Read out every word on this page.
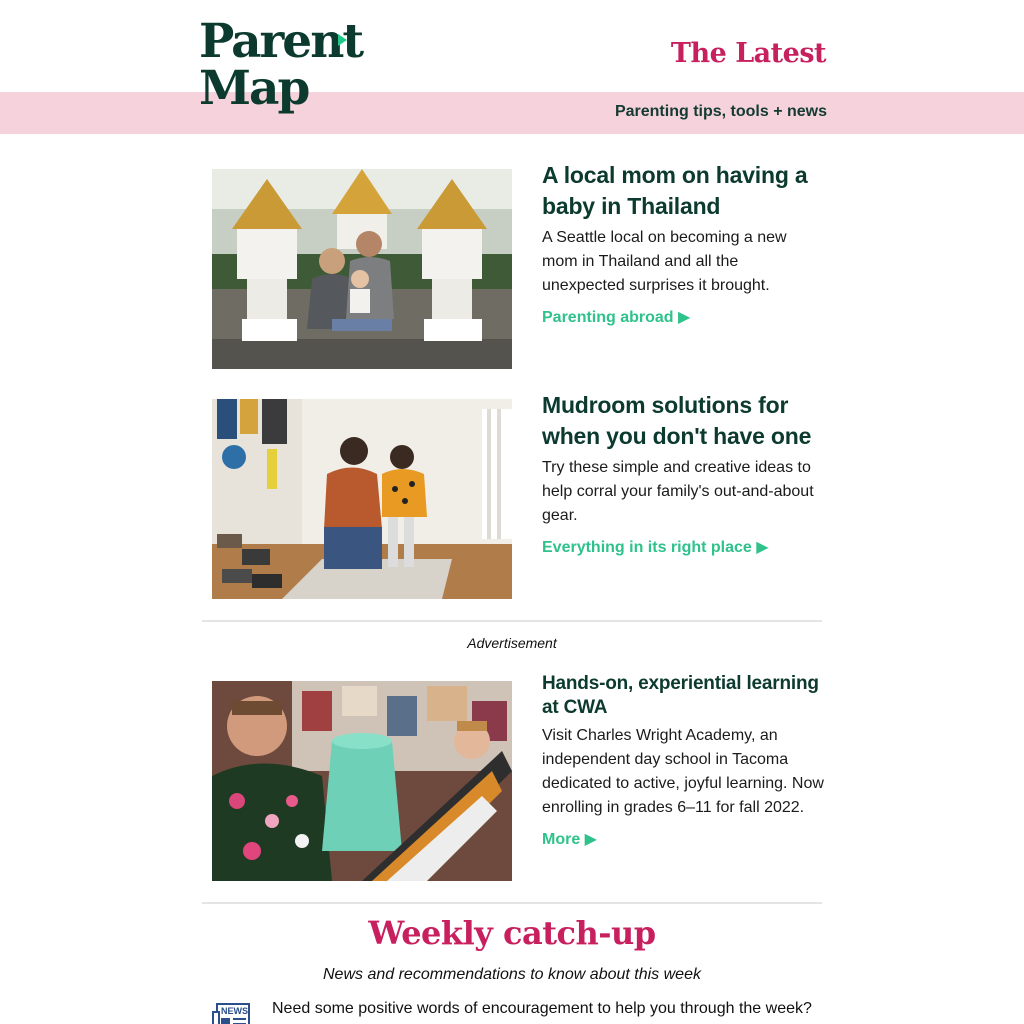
Parent
Map
The Latest
Parenting tips, tools + news
A local mom on having a baby in Thailand

A Seattle local on becoming a new mom in Thailand and all the unexpected surprises it brought.

Parenting abroad ▶
Mudroom solutions for when you don't have one

Try these simple and creative ideas to help corral your family's out-and-about gear.

Everything in its right place ▶
Advertisement
Hands-on, experiential learning at CWA

Visit Charles Wright Academy, an independent day school in Tacoma dedicated to active, joyful learning. Now enrolling in grades 6–11 for fall 2022.

More ▶
Weekly catch-up
News and recommendations to know about this week
NEWS Need some positive words of encouragement to help you through the week?
